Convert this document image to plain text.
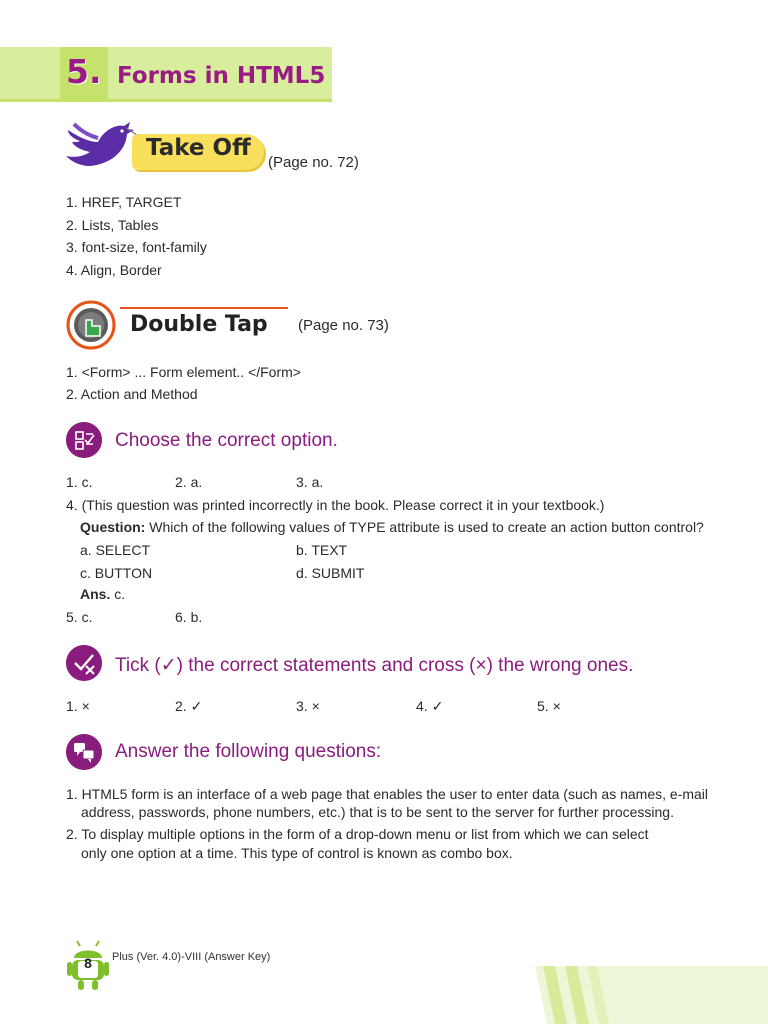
5. Forms in HTML5
Take Off
(Page no. 72)
1. HREF, TARGET
2. Lists, Tables
3. font-size, font-family
4. Align, Border
Double Tap (Page no. 73)
1. <Form> ... Form element.. </Form>
2. Action and Method
Choose the correct option.
1. c.	2. a.	3. a.
4. (This question was printed incorrectly in the book. Please correct it in your textbook.)
Question: Which of the following values of TYPE attribute is used to create an action button control?
a. SELECT	b. TEXT
c. BUTTON	d. SUBMIT
Ans. c.
5. c.	6. b.
Tick (✓) the correct statements and cross (×) the wrong ones.
1. ×	2. ✓	3. ×	4. ✓	5. ×
Answer the following questions:
1. HTML5 form is an interface of a web page that enables the user to enter data (such as names, e-mail
address, passwords, phone numbers, etc.) that is to be sent to the server for further processing.
2. To display multiple options in the form of a drop-down menu or list from which we can select
only one option at a time. This type of control is known as combo box.
8	Plus (Ver. 4.0)-VIII (Answer Key)
